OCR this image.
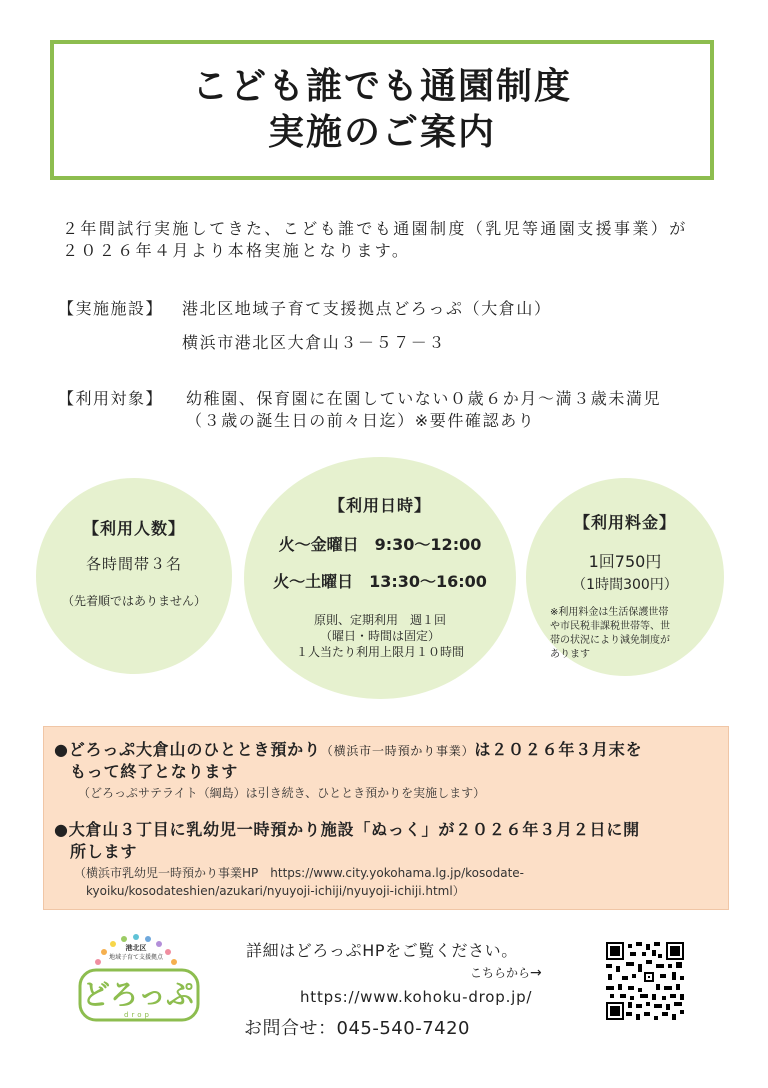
こども誰でも通園制度
実施のご案内
２年間試行実施してきた、こども誰でも通園制度（乳児等通園支援事業）が
２０２６年４月より本格実施となります。
【実施施設】 港北区地域子育て支援拠点どろっぷ（大倉山）
横浜市港北区大倉山３－５７－３
【利用対象】 幼稚園、保育園に在園していない０歳６か月～満３歳未満児
（３歳の誕生日の前々日迄）※要件確認あり
【利用人数】
各時間帯３名
（先着順ではありません）
【利用日時】
火～金曜日　9:30～12:00
火～土曜日　13:30～16:00
原則、定期利用　週１回
（曜日・時間は固定）
１人当たり利用上限月１０時間
【利用料金】
1回750円
（1時間300円）
※利用料金は生活保護世帯
や市民税非課税世帯等、世
帯の状況により減免制度が
あります
●どろっぷ大倉山のひととき預かり（横浜市一時預かり事業）は２０２６年３月末を
もって終了となります
（どろっぷサテライト（綱島）は引き続き、ひととき預かりを実施します）
●大倉山３丁目に乳幼児一時預かり施設「ぬっく」が２０２６年３月２日に開
所します
（横浜市乳幼児一時預かり事業HP　https://www.city.yokohama.lg.jp/kosodate-
kyoiku/kosodateshien/azukari/nyuyoji-ichiji/nyuyoji-ichiji.html）
港北区
地域子育て支援拠点
どろっぷ
drop
詳細はどろっぷHPをご覧ください。
こちらから→
https://www.kohoku-drop.jp/
お問合せ：045-540-7420
